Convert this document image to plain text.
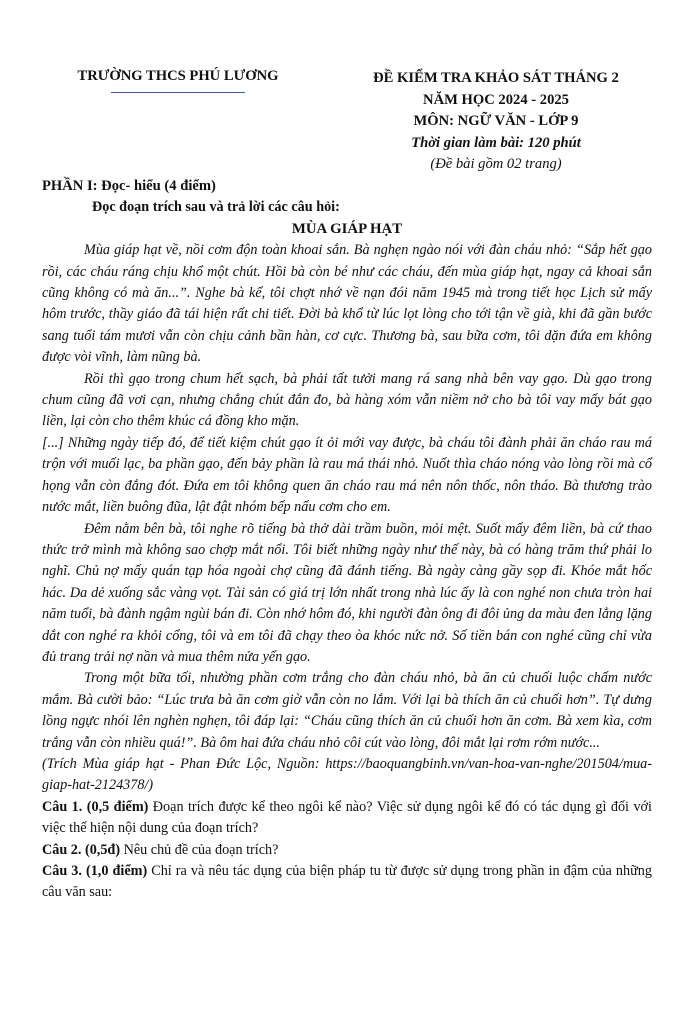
TRƯỜNG THCS PHÚ LƯƠNG	ĐỀ KIỂM TRA KHẢO SÁT THÁNG 2
NĂM HỌC 2024 - 2025
MÔN: NGỮ VĂN - LỚP 9
Thời gian làm bài: 120 phút
(Đề bài gồm 02 trang)

PHẦN I: Đọc- hiểu (4 điểm)

Đọc đoạn trích sau và trả lời các câu hỏi:

MÙA GIÁP HẠT

Mùa giáp hạt về, nồi cơm độn toàn khoai sắn. Bà nghẹn ngào nói với đàn cháu nhỏ: “Sắp hết gạo rồi, các cháu ráng chịu khổ một chút. Hồi bà còn bé như các cháu, đến mùa giáp hạt, ngay cả khoai sắn cũng không có mà ăn...”. Nghe bà kể, tôi chợt nhớ về nạn đói năm 1945 mà trong tiết học Lịch sử mấy hôm trước, thầy giáo đã tái hiện rất chi tiết. Đời bà khổ từ lúc lọt lòng cho tới tận về già, khi đã gần bước sang tuổi tám mươi vẫn còn chịu cảnh bần hàn, cơ cực. Thương bà, sau bữa cơm, tôi dặn đứa em không được vòi vĩnh, làm nũng bà.

Rồi thì gạo trong chum hết sạch, bà phải tất tưởi mang rá sang nhà bên vay gạo. Dù gạo trong chum cũng đã vơi cạn, nhưng chẳng chút đắn đo, bà hàng xóm vẫn niềm nở cho bà tôi vay mấy bát gạo liền, lại còn cho thêm khúc cá đồng kho mặn.

[...] Những ngày tiếp đó, để tiết kiệm chút gạo ít ỏi mới vay được, bà cháu tôi đành phải ăn cháo rau má trộn với muối lạc, ba phần gạo, đến bảy phần là rau má thái nhỏ. Nuốt thìa cháo nóng vào lòng rồi mà cổ họng vẫn còn đắng đót. Đứa em tôi không quen ăn cháo rau má nên nôn thốc, nôn tháo. Bà thương trào nước mắt, liền buông đũa, lật đật nhóm bếp nấu cơm cho em.

Đêm nằm bên bà, tôi nghe rõ tiếng bà thở dài trầm buồn, mỏi mệt. Suốt mấy đêm liền, bà cứ thao thức trở mình mà không sao chợp mắt nổi. Tôi biết những ngày như thế này, bà có hàng trăm thứ phải lo nghĩ. Chủ nợ mấy quán tạp hóa ngoài chợ cũng đã đánh tiếng. Bà ngày càng gầy sọp đi. Khóe mắt hốc hác. Da dẻ xuống sắc vàng vọt. Tài sản có giá trị lớn nhất trong nhà lúc ấy là con nghé non chưa tròn hai năm tuổi, bà đành ngậm ngùi bán đi. Còn nhớ hôm đó, khi người đàn ông đi đôi ủng da màu đen lẳng lặng dắt con nghé ra khỏi cổng, tôi và em tôi đã chạy theo òa khóc nức nở. Số tiền bán con nghé cũng chỉ vừa đủ trang trải nợ nần và mua thêm nửa yến gạo.

Trong một bữa tối, nhường phần cơm trắng cho đàn cháu nhỏ, bà ăn củ chuối luộc chấm nước mắm. Bà cười bảo: “Lúc trưa bà ăn cơm giờ vẫn còn no lắm. Với lại bà thích ăn củ chuối hơn”. Tự dưng lồng ngực nhói lên nghèn nghẹn, tôi đáp lại: “Cháu cũng thích ăn củ chuối hơn ăn cơm. Bà xem kìa, cơm trắng vẫn còn nhiều quá!”. Bà ôm hai đứa cháu nhỏ côi cút vào lòng, đôi mắt lại rơm rớm nước...

(Trích Mùa giáp hạt - Phan Đức Lộc, Nguồn: https://baoquangbinh.vn/van-hoa-van-nghe/201504/mua-giap-hat-2124378/)

Câu 1. (0,5 điểm) Đoạn trích được kể theo ngôi kể nào? Việc sử dụng ngôi kể đó có tác dụng gì đối với việc thể hiện nội dung của đoạn trích?

Câu 2. (0,5đ) Nêu chủ đề của đoạn trích?

Câu 3. (1,0 điểm) Chỉ ra và nêu tác dụng của biện pháp tu từ được sử dụng trong phần in đậm của những câu văn sau:
